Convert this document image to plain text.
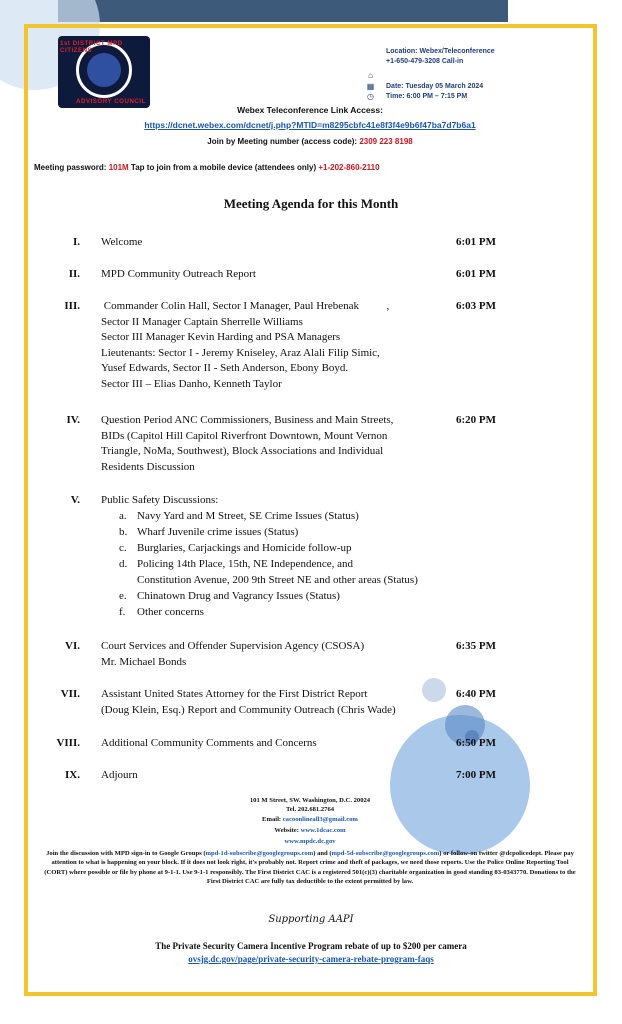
1st DISTRICT MPD CITIZENS
ADVISORY COUNCIL
Location: Webex/Teleconference
+1-650-479-3208 Call-in
⌂
▦ Date: Tuesday 05 March 2024
◷ Time: 6:00 PM – 7:15 PM
Webex Teleconference Link Access:
https://dcnet.webex.com/dcnet/j.php?MTID=m8295cbfc41e8f3f4e9b6f47ba7d7b6a1
Join by Meeting number (access code): 2309 223 8198
Meeting password: 101M Tap to join from a mobile device (attendees only) +1-202-860-2110
Meeting Agenda for this Month
I. Welcome	6:01 PM
II. MPD Community Outreach Report	6:01 PM
III. Commander Colin Hall, Sector I Manager, Paul Hrebenak          ,
Sector II Manager Captain Sherrelle Williams
Sector III Manager Kevin Harding and PSA Managers
Lieutenants: Sector I - Jeremy Kniseley, Araz Alali Filip Simic,
Yusef Edwards, Sector II - Seth Anderson, Ebony Boyd.
Sector III – Elias Danho, Kenneth Taylor
6:03 PM
IV. Question Period ANC Commissioners, Business and Main Streets,
BIDs (Capitol Hill Capitol Riverfront Downtown, Mount Vernon
Triangle, NoMa, Southwest), Block Associations and Individual
Residents Discussion
6:20 PM
V. Public Safety Discussions:
a. Navy Yard and M Street, SE Crime Issues (Status)
b. Wharf Juvenile crime issues (Status)
c. Burglaries, Carjackings and Homicide follow-up
d. Policing 14th Place, 15th, NE Independence, and
Constitution Avenue, 200 9th Street NE and other areas (Status)
e. Chinatown Drug and Vagrancy Issues (Status)
f. Other concerns
VI. Court Services and Offender Supervision Agency (CSOSA)
Mr. Michael Bonds
6:35 PM
VII. Assistant United States Attorney for the First District Report
(Doug Klein, Esq.) Report and Community Outreach (Chris Wade)
6:40 PM
VIII. Additional Community Comments and Concerns	6:50 PM
IX. Adjourn	7:00 PM
101 M Street, SW. Washington, D.C. 20024
Tel. 202.681.2764
Email: cacoonlineall3@gmail.com
Website: www.1dcac.com
www.mpdc.dc.gov
Join the discussion with MPD sign-in to Google Groups (mpd-1d-subscribe@googlegroups.com) and (mpd-5d-subscribe@googlegroups.com) or follow-on twitter @dcpolicedept. Please pay attention to what is happening on your block. If it does not look right, it's probably not. Report crime and theft of packages, we need those reports. Use the Police Online Reporting Tool (CORT) where possible or file by phone at 9-1-1. Use 9-1-1 responsibly. The First District CAC is a registered 501(c)(3) charitable organization in good standing 83-0343770. Donations to the First District CAC are fully tax deductible to the extent permitted by law.
Supporting AAPI
The Private Security Camera Incentive Program rebate of up to $200 per camera
ovsjg.dc.gov/page/private-security-camera-rebate-program-faqs
